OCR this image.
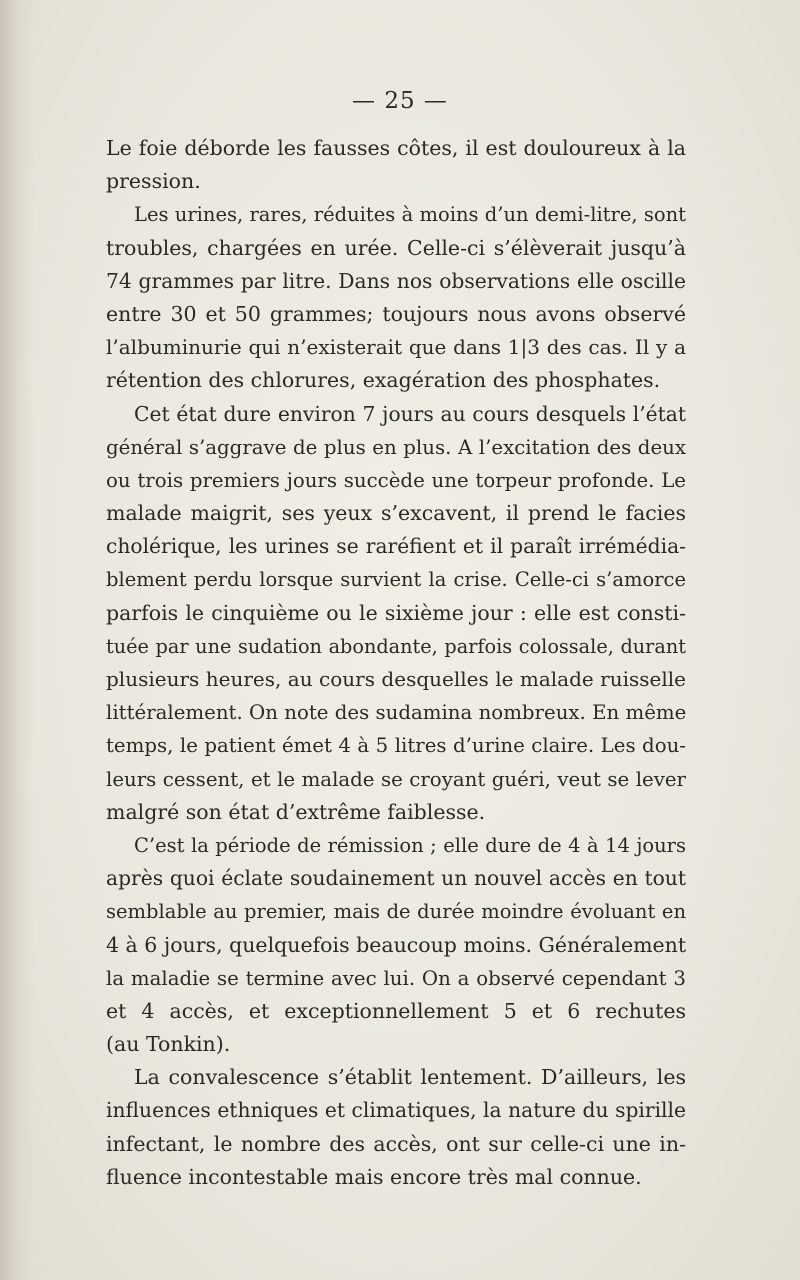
— 25 —
Le foie déborde les fausses côtes, il est douloureux à la
pression.
Les urines, rares, réduites à moins d’un demi-litre, sont
troubles, chargées en urée. Celle-ci s’élèverait jusqu’à
74 grammes par litre. Dans nos observations elle oscille
entre 30 et 50 grammes; toujours nous avons observé
l’albuminurie qui n’existerait que dans 1|3 des cas. Il y a
rétention des chlorures, exagération des phosphates.
Cet état dure environ 7 jours au cours desquels l’état
général s’aggrave de plus en plus. A l’excitation des deux
ou trois premiers jours succède une torpeur profonde. Le
malade maigrit, ses yeux s’excavent, il prend le facies
cholérique, les urines se raréfient et il paraît irrémédia-
blement perdu lorsque survient la crise. Celle-ci s’amorce
parfois le cinquième ou le sixième jour : elle est consti-
tuée par une sudation abondante, parfois colossale, durant
plusieurs heures, au cours desquelles le malade ruisselle
littéralement. On note des sudamina nombreux. En même
temps, le patient émet 4 à 5 litres d’urine claire. Les dou-
leurs cessent, et le malade se croyant guéri, veut se lever
malgré son état d’extrême faiblesse.
C’est la période de rémission ; elle dure de 4 à 14 jours
après quoi éclate soudainement un nouvel accès en tout
semblable au premier, mais de durée moindre évoluant en
4 à 6 jours, quelquefois beaucoup moins. Généralement
la maladie se termine avec lui. On a observé cependant 3
et 4 accès, et exceptionnellement 5 et 6 rechutes
(au Tonkin).
La convalescence s’établit lentement. D’ailleurs, les
influences ethniques et climatiques, la nature du spirille
infectant, le nombre des accès, ont sur celle-ci une in-
fluence incontestable mais encore très mal connue.
